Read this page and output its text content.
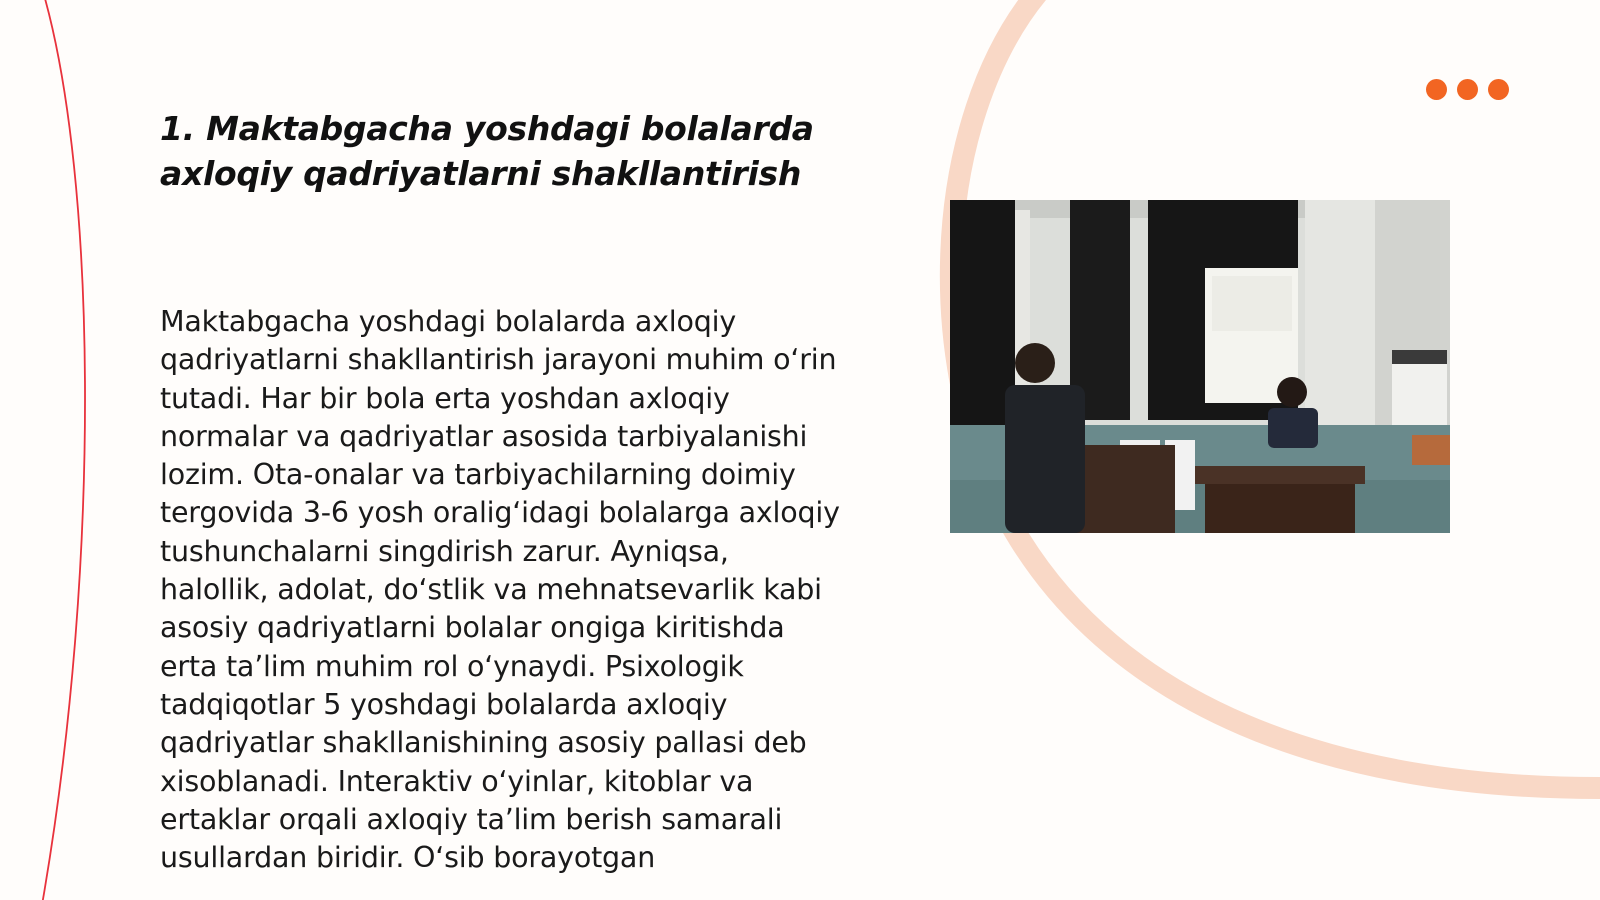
1. Maktabgacha yoshdagi bolalarda axloqiy qadriyatlarni shakllantirish

Maktabgacha yoshdagi bolalarda axloqiy qadriyatlarni shakllantirish jarayoni muhim oʻrin tutadi. Har bir bola erta yoshdan axloqiy normalar va qadriyatlar asosida tarbiyalanishi lozim. Ota-onalar va tarbiyachilarning doimiy tergovida 3-6 yosh oraligʻidagi bolalarga axloqiy tushunchalarni singdirish zarur. Ayniqsa, halollik, adolat, doʻstlik va mehnatsevarlik kabi asosiy qadriyatlarni bolalar ongiga kiritishda erta taʼlim muhim rol oʻynaydi. Psixologik tadqiqotlar 5 yoshdagi bolalarda axloqiy qadriyatlar shakllanishining asosiy pallasi deb xisoblanadi. Interaktiv oʻyinlar, kitoblar va ertaklar orqali axloqiy taʼlim berish samarali usullardan biridir. Oʻsib borayotgan
